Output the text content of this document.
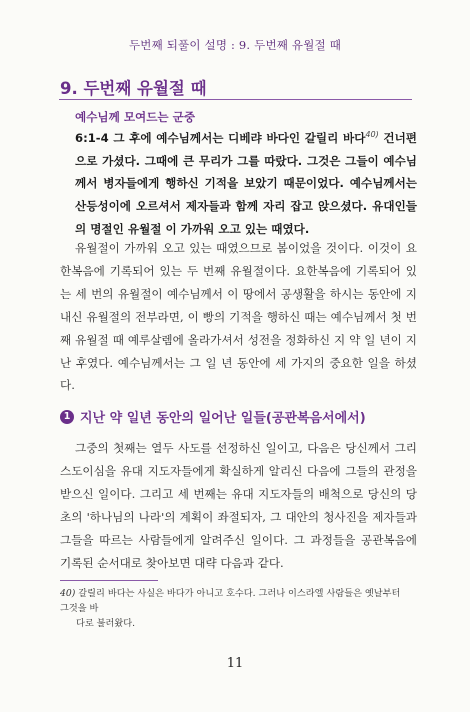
두번째 되풀이 설명 : 9. 두번째 유월절 때
9. 두번째 유월절 때
예수님께 모여드는 군중

6:1-4 그 후에 예수님께서는 디베랴 바다인 갈릴리 바다$^{40)}$ 건너편으로 가셨다. 그때에 큰 무리가 그를 따랐다. 그것은 그들이 예수님께서 병자들에게 행하신 기적을 보았기 때문이었다. 예수님께서는 산등성이에 오르셔서 제자들과 함께 자리 잡고 앉으셨다. 유대인들의 명절인 유월절 이 가까워 오고 있는 때였다.

유월절이 가까워 오고 있는 때였으므로 봄이었을 것이다. 이것이 요한복음에 기록되어 있는 두 번째 유월절이다. 요한복음에 기록되어 있는 세 번의 유월절이 예수님께서 이 땅에서 공생활을 하시는 동안에 지내신 유월절의 전부라면, 이 빵의 기적을 행하신 때는 예수님께서 첫 번째 유월절 때 예루살렘에 올라가셔서 성전을 정화하신 지 약 일 년이 지난 후였다. 예수님께서는 그 일 년 동안에 세 가지의 중요한 일을 하셨다.

1 지난 약 일년 동안의 일어난 일들(공관복음서에서)

그중의 첫째는 열두 사도를 선정하신 일이고, 다음은 당신께서 그리스도이심을 유대 지도자들에게 확실하게 알리신 다음에 그들의 관정을 받으신 일이다. 그리고 세 번째는 유대 지도자들의 배척으로 당신의 당초의 '하나님의 나라'의 계획이 좌절되자, 그 대안의 청사진을 제자들과 그들을 따르는 사람들에게 알려주신 일이다. 그 과정들을 공관복음에 기록된 순서대로 찾아보면 대략 다음과 같다.

40) 갈릴리 바다는 사실은 바다가 아니고 호수다. 그러나 이스라엘 사람들은 옛날부터 그것을 바
다로 불러왔다.

11
